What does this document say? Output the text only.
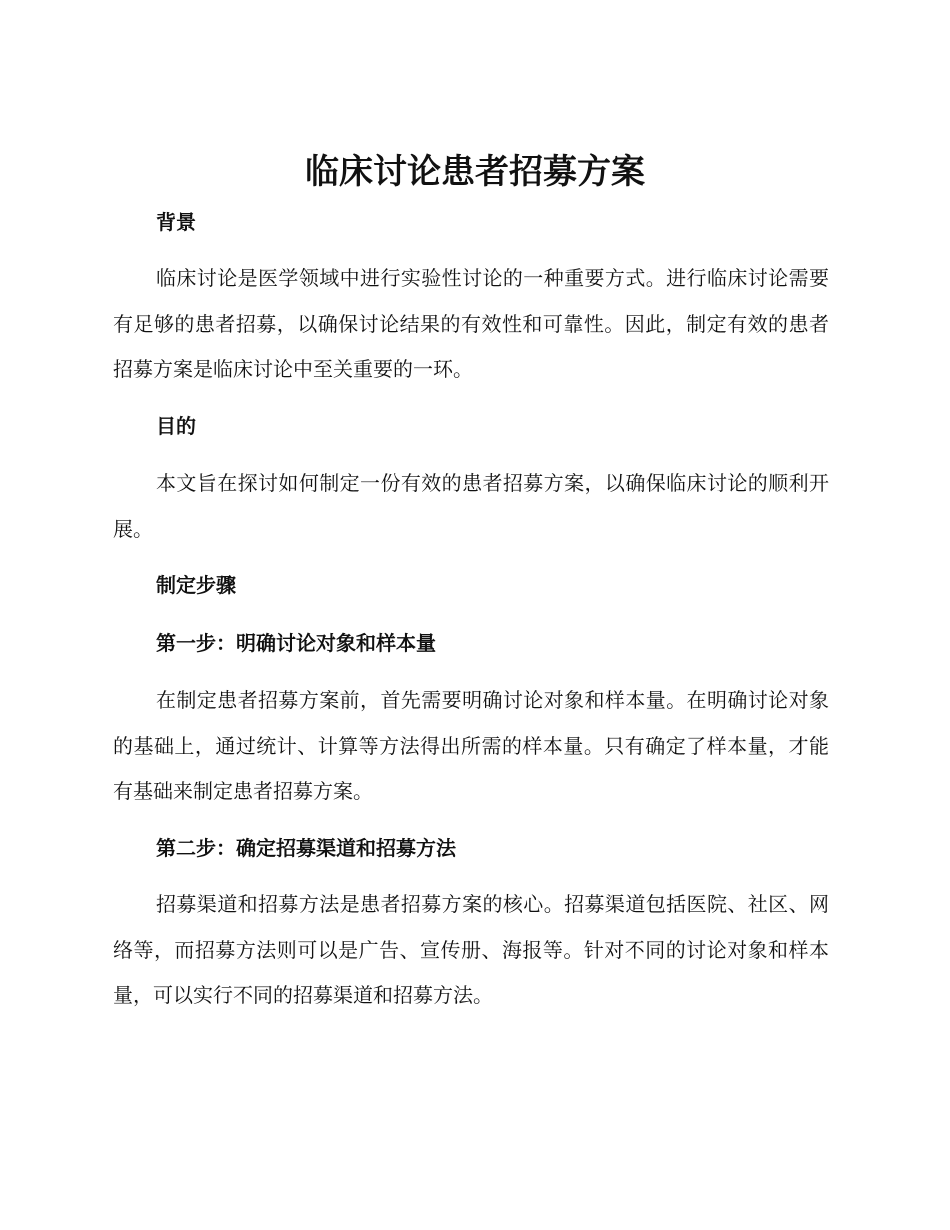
临床讨论患者招募方案
背景
临床讨论是医学领域中进行实验性讨论的一种重要方式。进行临床讨论需要有足够的患者招募，以确保讨论结果的有效性和可靠性。因此，制定有效的患者招募方案是临床讨论中至关重要的一环。
目的
本文旨在探讨如何制定一份有效的患者招募方案，以确保临床讨论的顺利开展。
制定步骤
第一步：明确讨论对象和样本量
在制定患者招募方案前，首先需要明确讨论对象和样本量。在明确讨论对象的基础上，通过统计、计算等方法得出所需的样本量。只有确定了样本量，才能有基础来制定患者招募方案。
第二步：确定招募渠道和招募方法
招募渠道和招募方法是患者招募方案的核心。招募渠道包括医院、社区、网络等，而招募方法则可以是广告、宣传册、海报等。针对不同的讨论对象和样本量，可以实行不同的招募渠道和招募方法。
